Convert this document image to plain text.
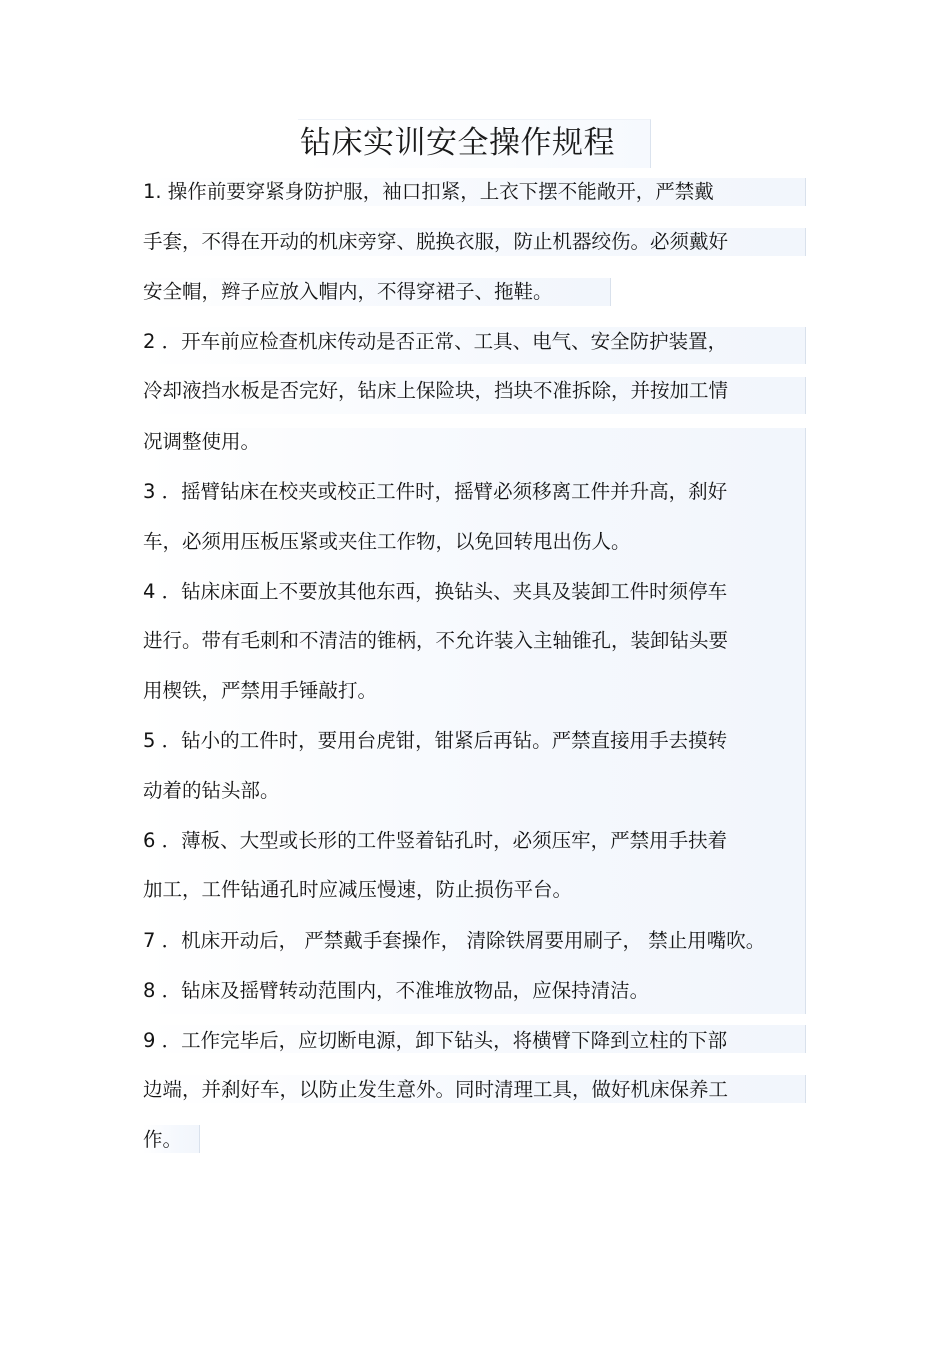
钻床实训安全操作规程
1. 操作前要穿紧身防护服，袖口扣紧，上衣下摆不能敞开，严禁戴
手套，不得在开动的机床旁穿、脱换衣服，防止机器绞伤。必须戴好
安全帽，辫子应放入帽内，不得穿裙子、拖鞋。
2 ．开车前应检查机床传动是否正常、工具、电气、安全防护装置，
冷却液挡水板是否完好，钻床上保险块，挡块不准拆除，并按加工情
况调整使用。
3 ．摇臂钻床在校夹或校正工件时，摇臂必须移离工件并升高，刹好
车，必须用压板压紧或夹住工作物，以免回转甩出伤人。
4 ．钻床床面上不要放其他东西，换钻头、夹具及装卸工件时须停车
进行。带有毛刺和不清洁的锥柄，不允许装入主轴锥孔，装卸钻头要
用楔铁，严禁用手锤敲打。
5 ．钻小的工件时，要用台虎钳，钳紧后再钻。严禁直接用手去摸转
动着的钻头部。
6 ．薄板、大型或长形的工件竖着钻孔时，必须压牢，严禁用手扶着
加工，工件钻通孔时应减压慢速，防止损伤平台。
7 ．机床开动后， 严禁戴手套操作， 清除铁屑要用刷子， 禁止用嘴吹。
8 ．钻床及摇臂转动范围内，不准堆放物品，应保持清洁。
9 ．工作完毕后，应切断电源，卸下钻头，将横臂下降到立柱的下部
边端，并刹好车，以防止发生意外。同时清理工具，做好机床保养工
作。
